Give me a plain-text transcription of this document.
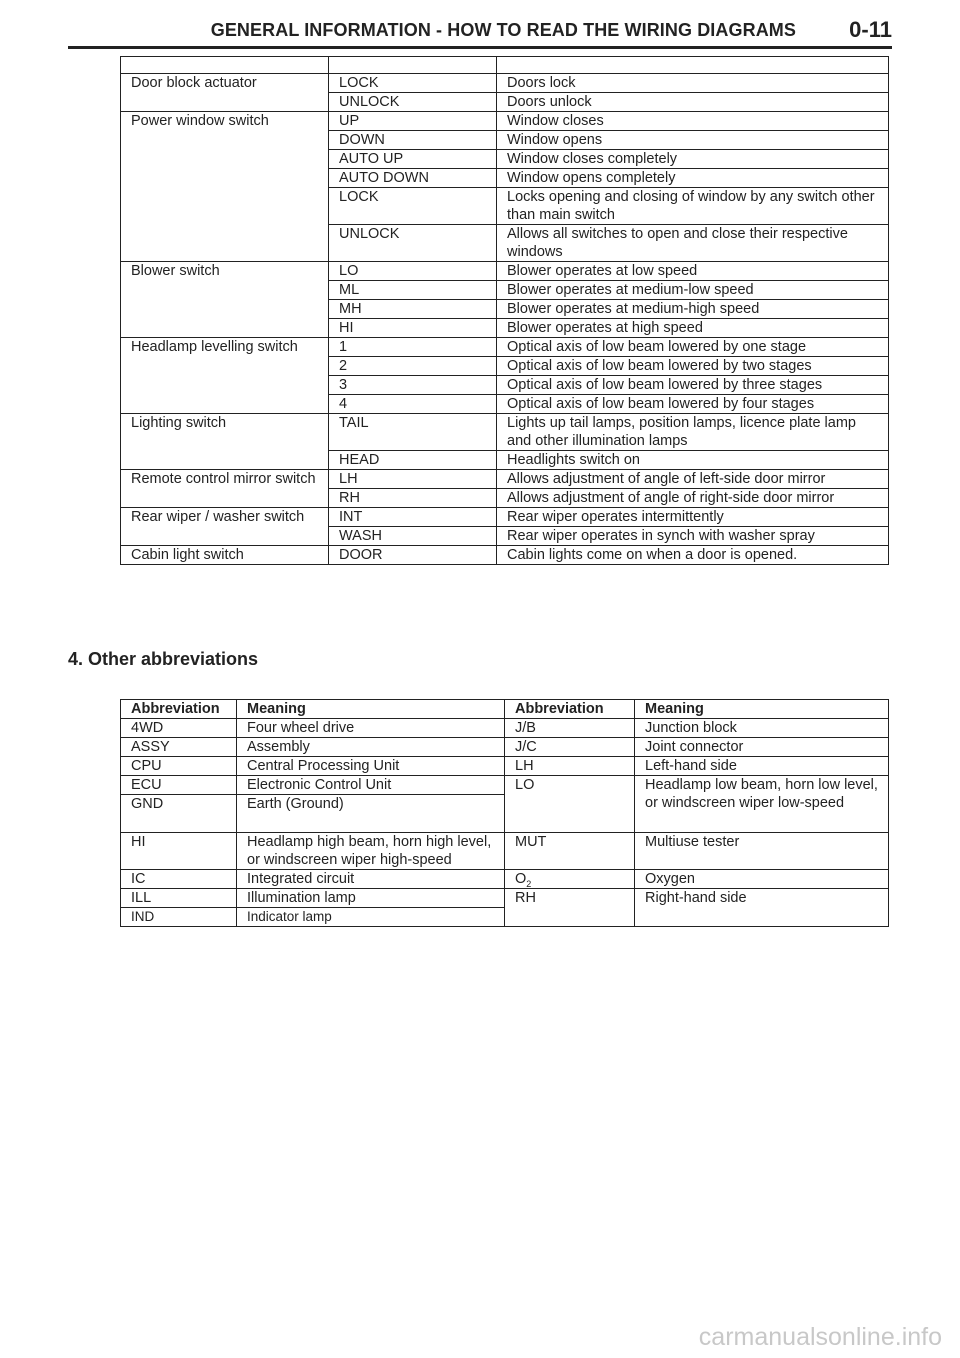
GENERAL INFORMATION - HOW TO READ THE WIRING DIAGRAMS 0-11

Door block actuator	LOCK	Doors lock
	UNLOCK	Doors unlock
Power window switch	UP	Window closes
	DOWN	Window opens
	AUTO UP	Window closes completely
	AUTO DOWN	Window opens completely
	LOCK	Locks opening and closing of window by any switch other than main switch
	UNLOCK	Allows all switches to open and close their respective windows
Blower switch	LO	Blower operates at low speed
	ML	Blower operates at medium-low speed
	MH	Blower operates at medium-high speed
	HI	Blower operates at high speed
Headlamp levelling switch	1	Optical axis of low beam lowered by one stage
	2	Optical axis of low beam lowered by two stages
	3	Optical axis of low beam lowered by three stages
	4	Optical axis of low beam lowered by four stages
Lighting switch	TAIL	Lights up tail lamps, position lamps, licence plate lamp and other illumination lamps
	HEAD	Headlights switch on
Remote control mirror switch	LH	Allows adjustment of angle of left-side door mirror
	RH	Allows adjustment of angle of right-side door mirror
Rear wiper / washer switch	INT	Rear wiper operates intermittently
	WASH	Rear wiper operates in synch with washer spray
Cabin light switch	DOOR	Cabin lights come on when a door is opened.
4. Other abbreviations
Abbreviation	Meaning	Abbreviation	Meaning
4WD	Four wheel drive	J/B	Junction block
ASSY	Assembly	J/C	Joint connector
CPU	Central Processing Unit	LH	Left-hand side
ECU	Electronic Control Unit	LO	Headlamp low beam, horn low level, or windscreen wiper low-speed
GND	Earth (Ground)		
HI	Headlamp high beam, horn high level, or windscreen wiper high-speed	MUT	Multiuse tester
IC	Integrated circuit	$O_2$	Oxygen
ILL	Illumination lamp	RH	Right-hand side
IND	Indicator lamp		
carmanualsonline.info
